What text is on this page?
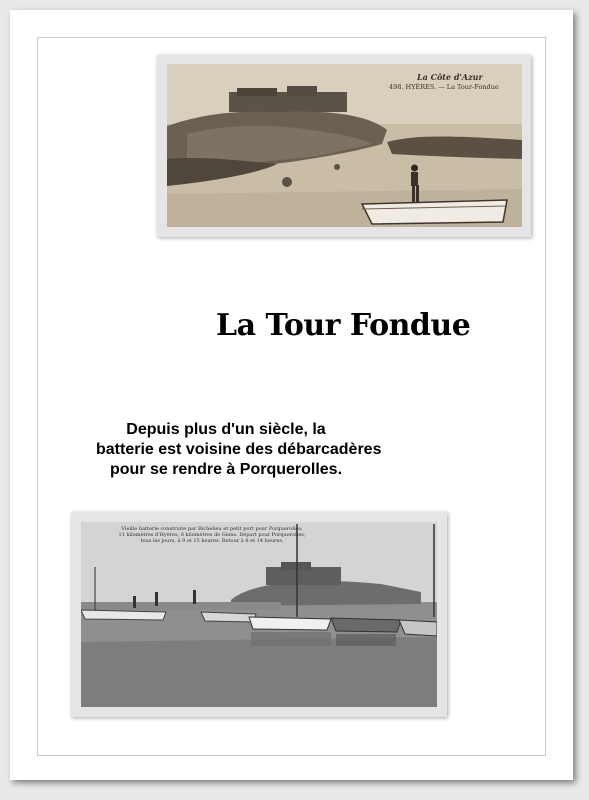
La Côte d'Azur
498. HYÈRES. — La Tour-Fondue
La Tour Fondue
Depuis plus d'un siècle, la
batterie est voisine des débarcadères
pour se rendre à Porquerolles.
Vieille batterie construite par Richelieu et petit port pour Porquerolles;
11 kilomètres d'Hyères, 8 kilomètres de Giens. Départ pour Porquerolles,
tous les jours, à 9 et 15 heures. Retour à 8 et 14 heures.
